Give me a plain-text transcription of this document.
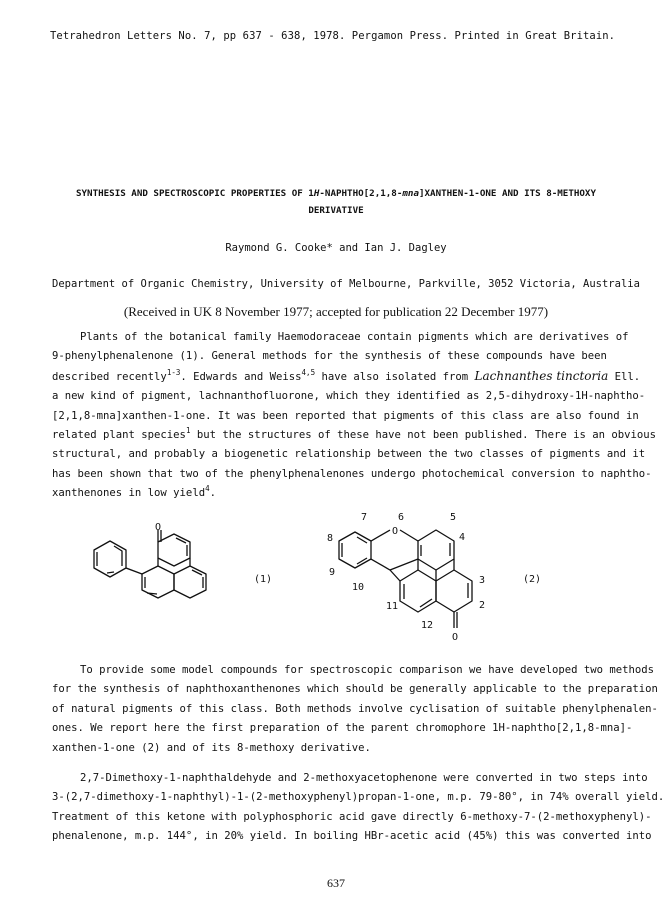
Tetrahedron Letters No. 7, pp 637 - 638, 1978. Pergamon Press. Printed in Great Britain.
SYNTHESIS AND SPECTROSCOPIC PROPERTIES OF 1H-NAPHTHO[2,1,8-mna]XANTHEN-1-ONE AND ITS 8-METHOXY
DERIVATIVE
Raymond G. Cooke* and Ian J. Dagley
Department of Organic Chemistry, University of Melbourne, Parkville, 3052 Victoria, Australia
(Received in UK 8 November 1977; accepted for publication 22 December 1977)

Plants of the botanical family Haemodoraceae contain pigments which are derivatives of

9-phenylphenalenone (1). General methods for the synthesis of these compounds have been

described recently$^{1-3}$. Edwards and Weiss$^{4,5}$ have also isolated from Lachnanthes tinctoria Ell.

a new kind of pigment, lachnanthofluorone, which they identified as 2,5-dihydroxy-1H-naphtho-

[2,1,8-mna]xanthen-1-one. It was been reported that pigments of this class are also found in

related plant species$^1$ but the structures of these have not been published. There is an obvious

structural, and probably a biogenetic relationship between the two classes of pigments and it

has been shown that two of the phenylphenalenones undergo photochemical conversion to naphtho-

xanthenones in low yield$^4$.

O	O
O
(1)	(2)
7	6	5
8	4
9
3
10
2
11
12

To provide some model compounds for spectroscopic comparison we have developed two methods

for the synthesis of naphthoxanthenones which should be generally applicable to the preparation

of natural pigments of this class. Both methods involve cyclisation of suitable phenylphenalen-

ones. We report here the first preparation of the parent chromophore 1H-naphtho[2,1,8-mna]-

xanthen-1-one (2) and of its 8-methoxy derivative.

2,7-Dimethoxy-1-naphthaldehyde and 2-methoxyacetophenone were converted in two steps into

3-(2,7-dimethoxy-1-naphthyl)-1-(2-methoxyphenyl)propan-1-one, m.p. 79-80°, in 74% overall yield.

Treatment of this ketone with polyphosphoric acid gave directly 6-methoxy-7-(2-methoxyphenyl)-

phenalenone, m.p. 144°, in 20% yield. In boiling HBr-acetic acid (45%) this was converted into

637
